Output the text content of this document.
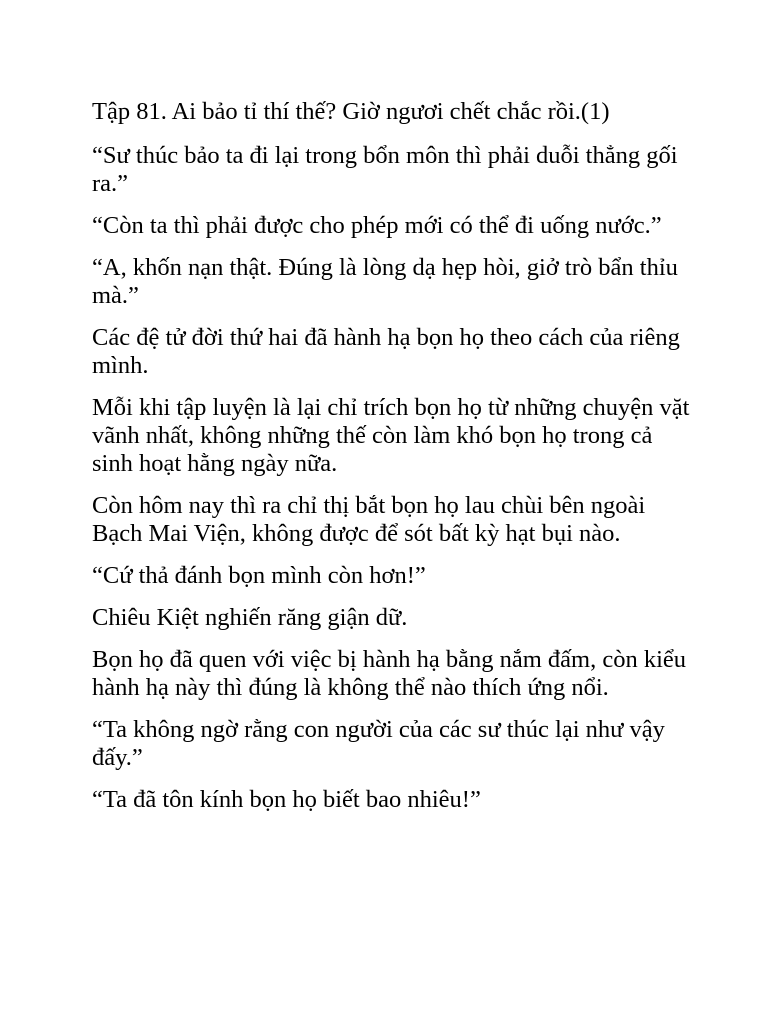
Tập 81. Ai bảo tỉ thí thế? Giờ ngươi chết chắc rồi.(1)

“Sư thúc bảo ta đi lại trong bổn môn thì phải duỗi thẳng gối ra.”

“Còn ta thì phải được cho phép mới có thể đi uống nước.”

“A, khốn nạn thật. Đúng là lòng dạ hẹp hòi, giở trò bẩn thỉu mà.”

Các đệ tử đời thứ hai đã hành hạ bọn họ theo cách của riêng mình.

Mỗi khi tập luyện là lại chỉ trích bọn họ từ những chuyện vặt vãnh nhất, không những thế còn làm khó bọn họ trong cả sinh hoạt hằng ngày nữa.

Còn hôm nay thì ra chỉ thị bắt bọn họ lau chùi bên ngoài Bạch Mai Viện, không được để sót bất kỳ hạt bụi nào.

“Cứ thả đánh bọn mình còn hơn!”

Chiêu Kiệt nghiến răng giận dữ.

Bọn họ đã quen với việc bị hành hạ bằng nắm đấm, còn kiểu hành hạ này thì đúng là không thể nào thích ứng nổi.

“Ta không ngờ rằng con người của các sư thúc lại như vậy đấy.”

“Ta đã tôn kính bọn họ biết bao nhiêu!”
